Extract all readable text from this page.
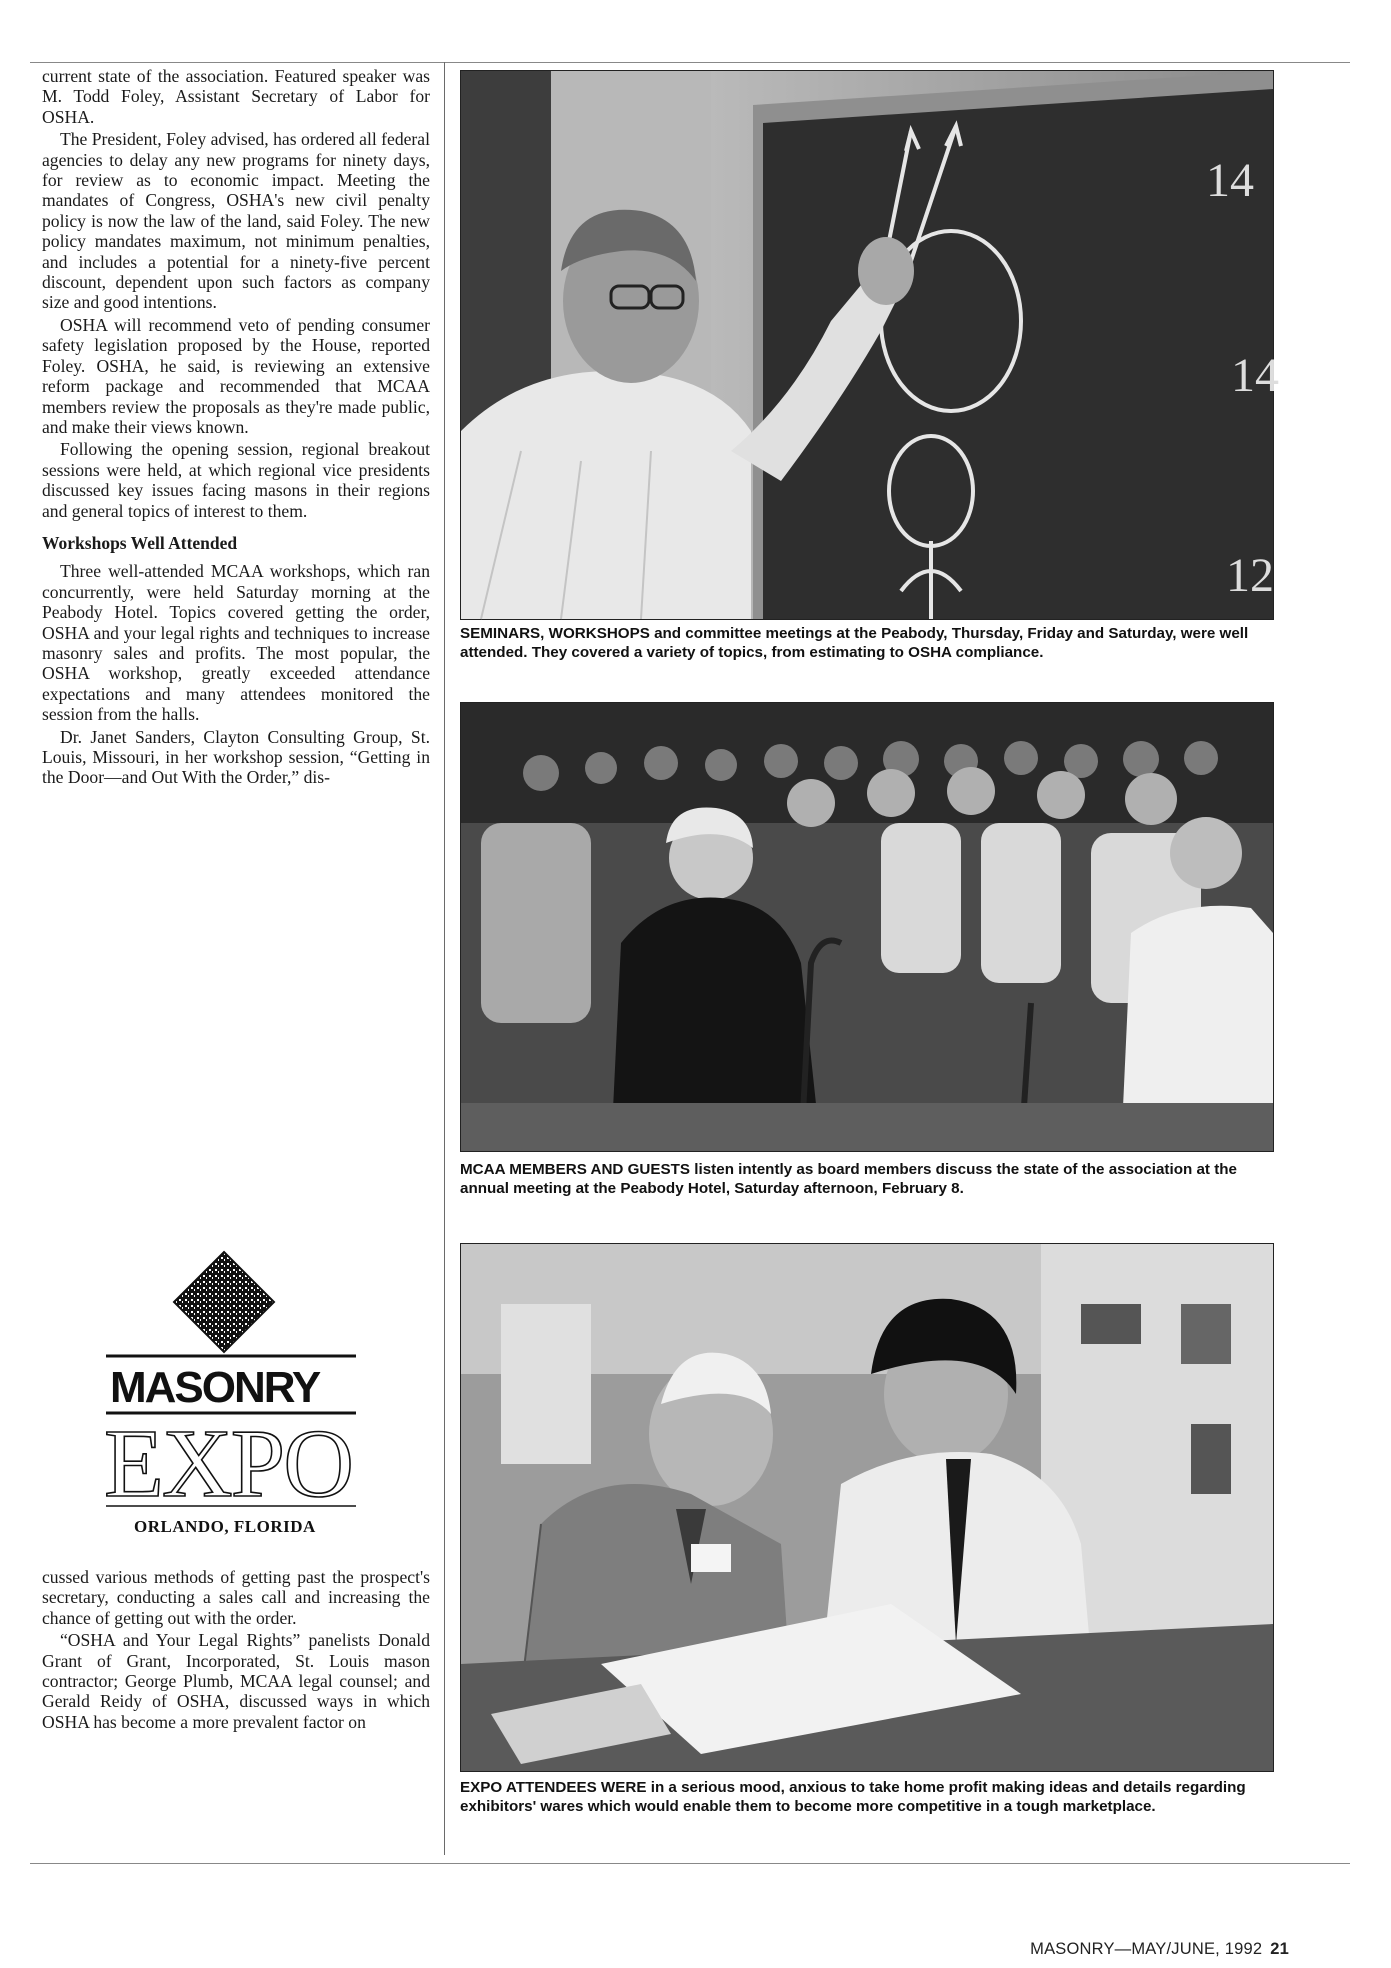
current state of the association. Featured speaker was M. Todd Foley, Assistant Secretary of Labor for OSHA.

The President, Foley advised, has ordered all federal agencies to delay any new programs for ninety days, for review as to economic impact. Meeting the mandates of Congress, OSHA's new civil penalty policy is now the law of the land, said Foley. The new policy mandates maximum, not minimum penalties, and includes a potential for a ninety-five percent discount, dependent upon such factors as company size and good intentions.

OSHA will recommend veto of pending consumer safety legislation proposed by the House, reported Foley. OSHA, he said, is reviewing an extensive reform package and recommended that MCAA members review the proposals as they're made public, and make their views known.

Following the opening session, regional breakout sessions were held, at which regional vice presidents discussed key issues facing masons in their regions and general topics of interest to them.

Workshops Well Attended

Three well-attended MCAA workshops, which ran concurrently, were held Saturday morning at the Peabody Hotel. Topics covered getting the order, OSHA and your legal rights and techniques to increase masonry sales and profits. The most popular, the OSHA workshop, greatly exceeded attendance expectations and many attendees monitored the session from the halls.

Dr. Janet Sanders, Clayton Consulting Group, St. Louis, Missouri, in her workshop session, “Getting in the Door—and Out With the Order,” dis-

MASONRY
EXPO
ORLANDO, FLORIDA

cussed various methods of getting past the prospect's secretary, conducting a sales call and increasing the chance of getting out with the order.

“OSHA and Your Legal Rights” panelists Donald Grant of Grant, Incorporated, St. Louis mason contractor; George Plumb, MCAA legal counsel; and Gerald Reidy of OSHA, discussed ways in which OSHA has become a more prevalent factor on

14
14
12
SEMINARS, WORKSHOPS and committee meetings at the Peabody, Thursday, Friday and Saturday, were well attended. They covered a variety of topics, from estimating to OSHA compliance.
MCAA MEMBERS AND GUESTS listen intently as board members discuss the state of the association at the annual meeting at the Peabody Hotel, Saturday afternoon, February 8.
EXPO ATTENDEES WERE in a serious mood, anxious to take home profit making ideas and details regarding exhibitors' wares which would enable them to become more competitive in a tough marketplace.
MASONRY—MAY/JUNE, 1992 21
